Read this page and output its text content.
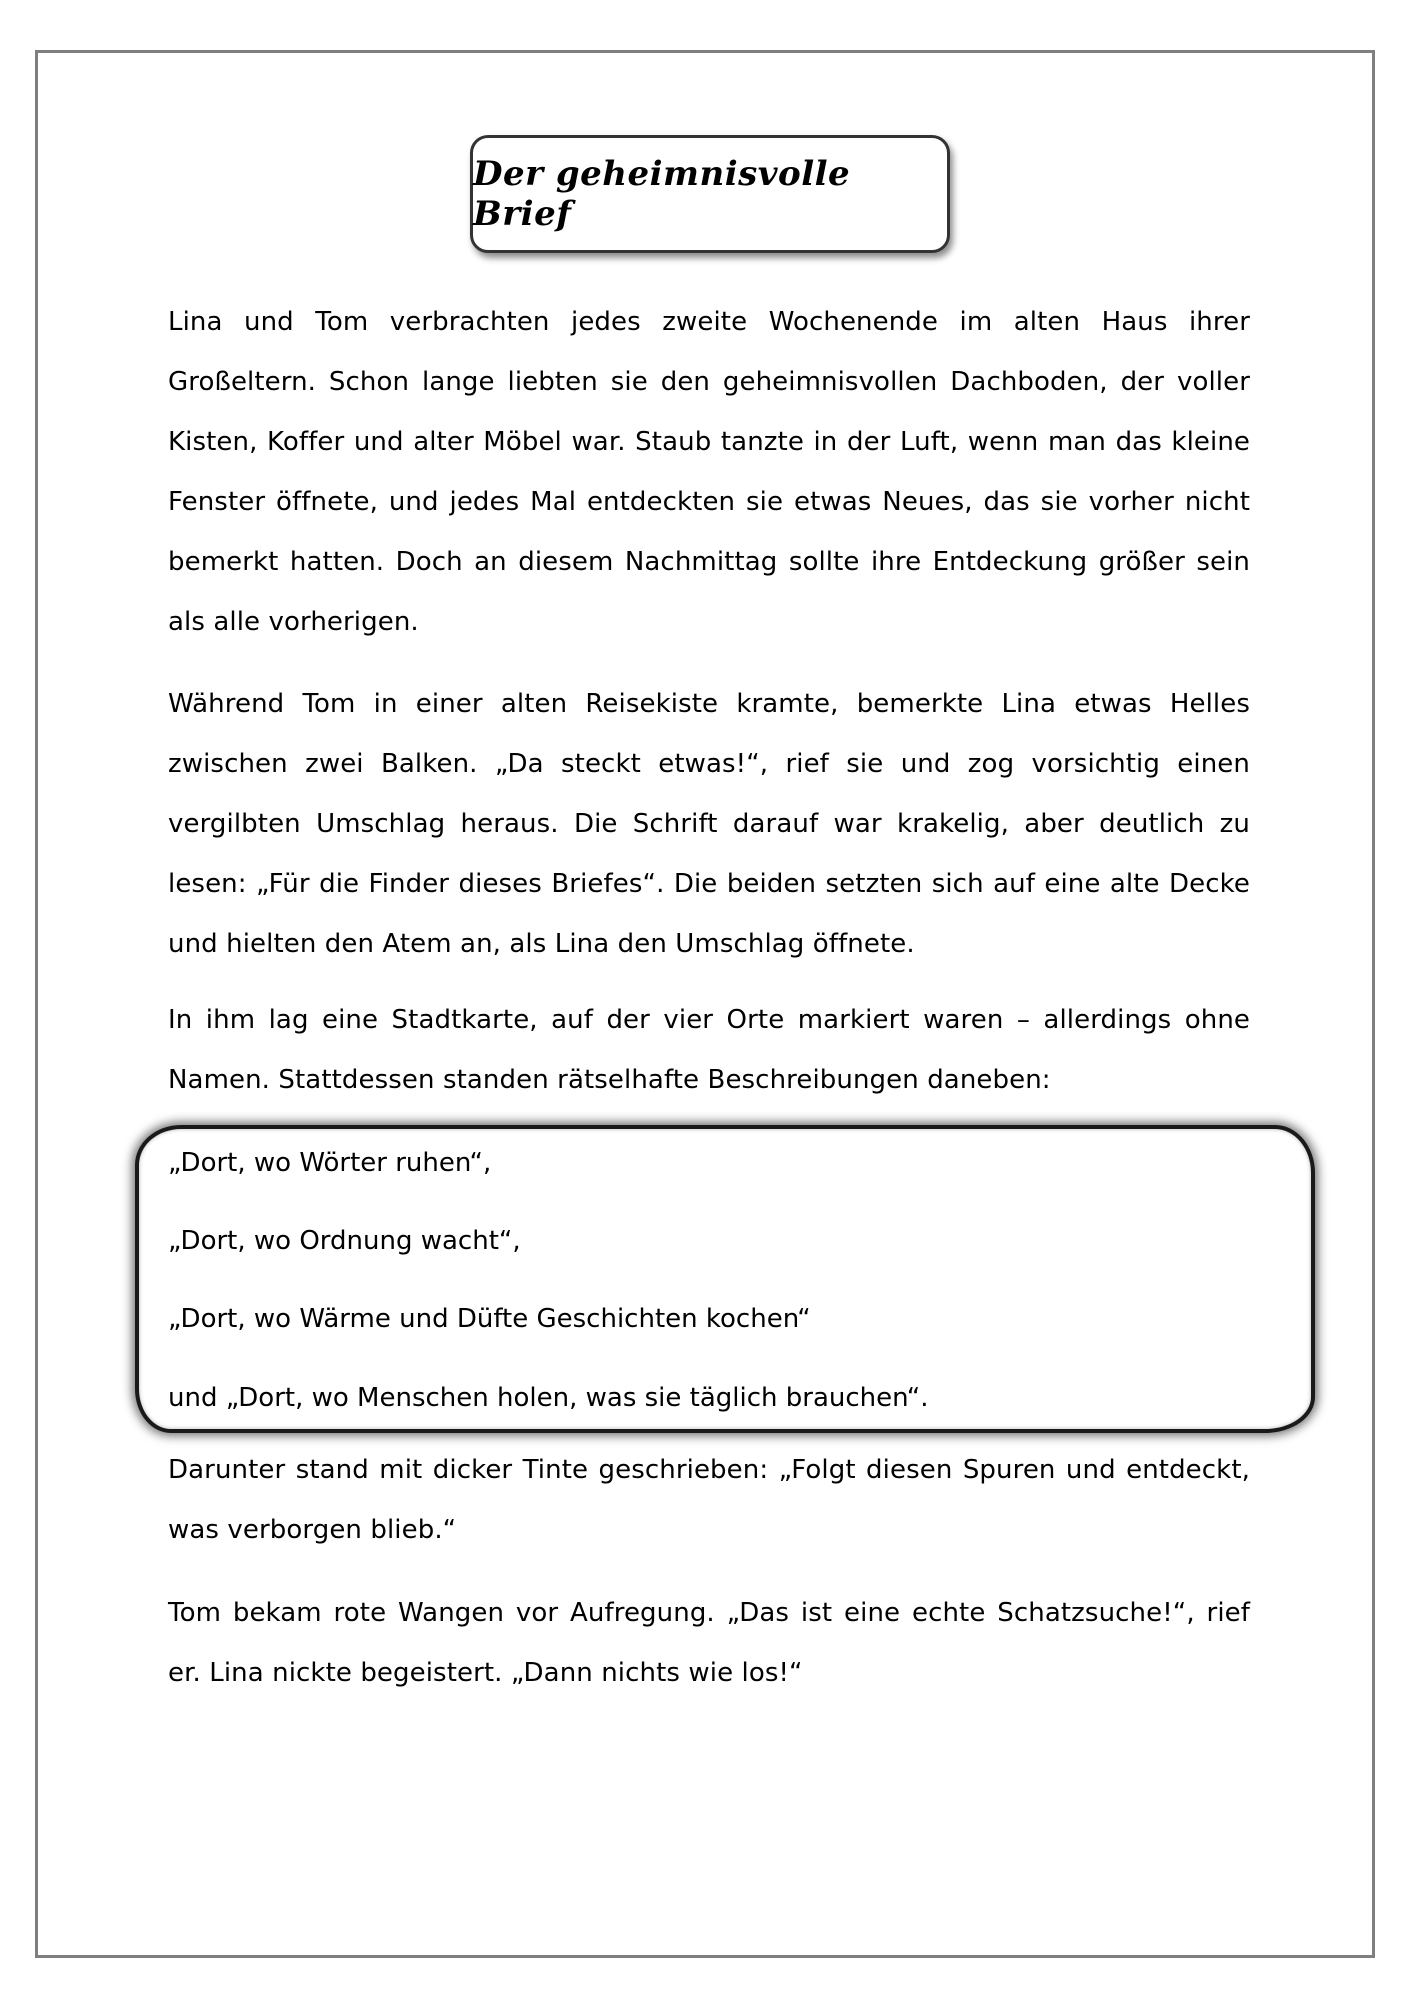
Der geheimnisvolle Brief

Lina und Tom verbrachten jedes zweite Wochenende im alten Haus ihrer Großeltern. Schon lange liebten sie den geheimnisvollen Dachboden, der voller Kisten, Koffer und alter Möbel war. Staub tanzte in der Luft, wenn man das kleine Fenster öffnete, und jedes Mal entdeckten sie etwas Neues, das sie vorher nicht bemerkt hatten. Doch an diesem Nachmittag sollte ihre Entdeckung größer sein als alle vorherigen.

Während Tom in einer alten Reisekiste kramte, bemerkte Lina etwas Helles zwischen zwei Balken. „Da steckt etwas!“, rief sie und zog vorsichtig einen vergilbten Umschlag heraus. Die Schrift darauf war krakelig, aber deutlich zu lesen: „Für die Finder dieses Briefes“. Die beiden setzten sich auf eine alte Decke und hielten den Atem an, als Lina den Umschlag öffnete.

In ihm lag eine Stadtkarte, auf der vier Orte markiert waren – allerdings ohne Namen. Stattdessen standen rätselhafte Beschreibungen daneben:

„Dort, wo Wörter ruhen“,

„Dort, wo Ordnung wacht“,

„Dort, wo Wärme und Düfte Geschichten kochen“

und „Dort, wo Menschen holen, was sie täglich brauchen“.

Darunter stand mit dicker Tinte geschrieben: „Folgt diesen Spuren und entdeckt, was verborgen blieb.“

Tom bekam rote Wangen vor Aufregung. „Das ist eine echte Schatzsuche!“, rief er. Lina nickte begeistert. „Dann nichts wie los!“
